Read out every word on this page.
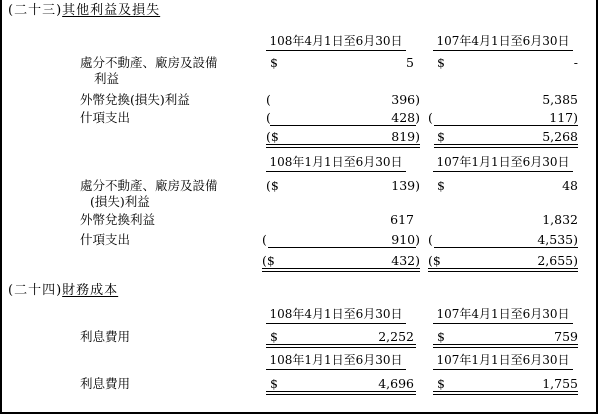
(二十三)其他利益及損失
108年4月1日至6月30日	107年4月1日至6月30日
處分不動產、廠房及設備
利益
$	5 $	-
外幣兌換(損失)利益	(	396)	5,385
什項支出	(	428) (	117)
($	819) $	5,268
108年1月1日至6月30日	107年1月1日至6月30日
處分不動產、廠房及設備
(損失)利益
($	139) $	48
外幣兌換利益	617	1,832
什項支出	(	910) (	4,535)
($	432) ($	2,655)
(二十四)財務成本
108年4月1日至6月30日	107年4月1日至6月30日
利息費用	$	2,252 $	759
108年1月1日至6月30日	107年1月1日至6月30日
利息費用	$	4,696 $	1,755
